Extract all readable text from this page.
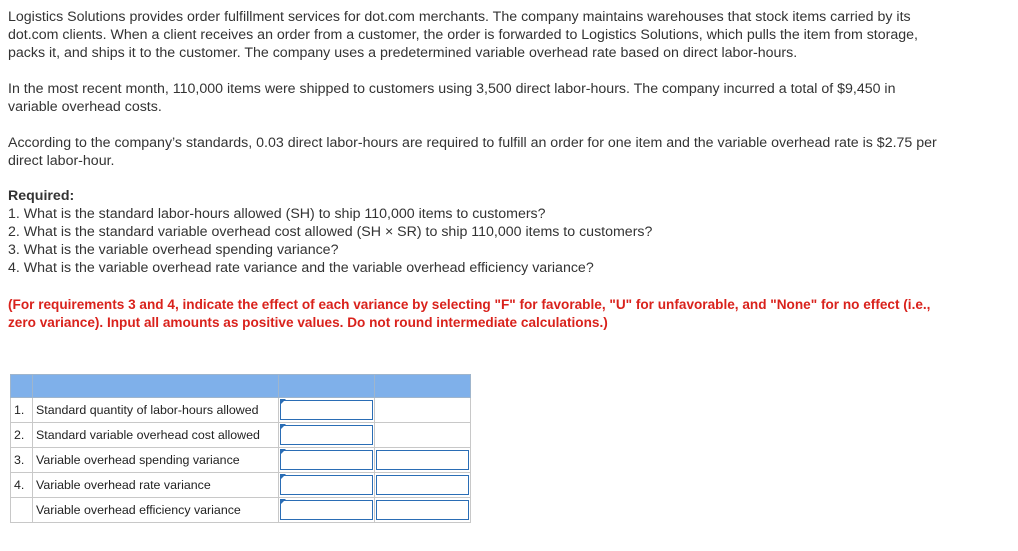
Logistics Solutions provides order fulfillment services for dot.com merchants. The company maintains warehouses that stock items carried by its dot.com clients. When a client receives an order from a customer, the order is forwarded to Logistics Solutions, which pulls the item from storage, packs it, and ships it to the customer. The company uses a predetermined variable overhead rate based on direct labor-hours.

In the most recent month, 110,000 items were shipped to customers using 3,500 direct labor-hours. The company incurred a total of $9,450 in variable overhead costs.

According to the company’s standards, 0.03 direct labor-hours are required to fulfill an order for one item and the variable overhead rate is $2.75 per direct labor-hour.

Required:

1. What is the standard labor-hours allowed (SH) to ship 110,000 items to customers?

2. What is the standard variable overhead cost allowed (SH × SR) to ship 110,000 items to customers?

3. What is the variable overhead spending variance?

4. What is the variable overhead rate variance and the variable overhead efficiency variance?

(For requirements 3 and 4, indicate the effect of each variance by selecting "F" for favorable, "U" for unfavorable, and "None" for no effect (i.e., zero variance). Input all amounts as positive values. Do not round intermediate calculations.)

1.	Standard quantity of labor-hours allowed	

2.	Standard variable overhead cost allowed	

3.	Variable overhead spending variance	

4.	Variable overhead rate variance	

	Variable overhead efficiency variance	
